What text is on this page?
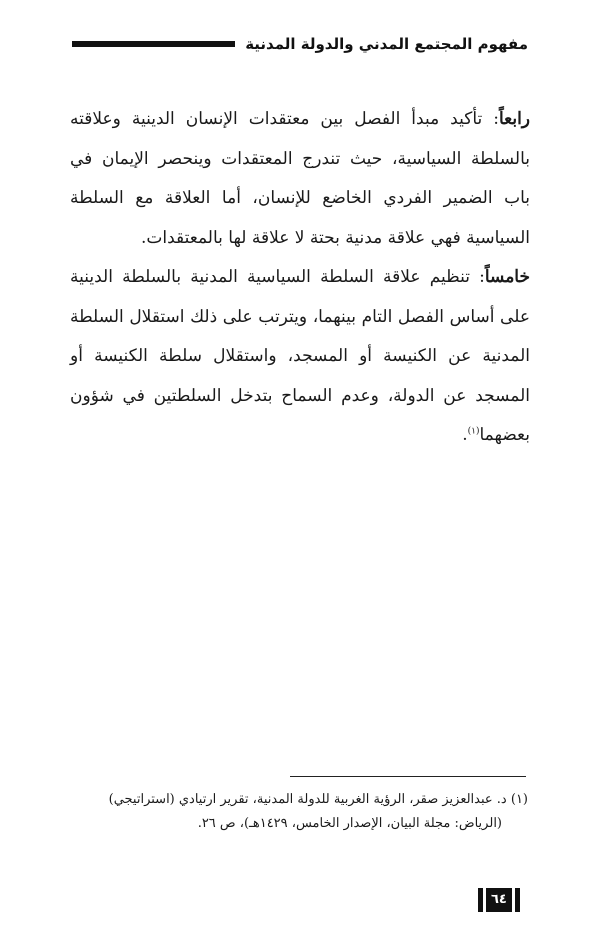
مفهوم المجتمع المدني والدولة المدنية

رابعاً: تأكيد مبدأ الفصل بين معتقدات الإنسان الدينية وعلاقته بالسلطة السياسية، حيث تندرج المعتقدات وينحصر الإيمان في باب الضمير الفردي الخاضع للإنسان، أما العلاقة مع السلطة السياسية فهي علاقة مدنية بحتة لا علاقة لها بالمعتقدات.

خامساً: تنظيم علاقة السلطة السياسية المدنية بالسلطة الدينية على أساس الفصل التام بينهما، ويترتب على ذلك استقلال السلطة المدنية عن الكنيسة أو المسجد، واستقلال سلطة الكنيسة أو المسجد عن الدولة، وعدم السماح بتدخل السلطتين في شؤون بعضهما$^{(١)}$.

(١) د. عبدالعزيز صقر، الرؤية الغربية للدولة المدنية، تقرير ارتيادي (استراتيجي)

(الرياض: مجلة البيان، الإصدار الخامس، ١٤٢٩هـ)، ص ٢٦.

٦٤
